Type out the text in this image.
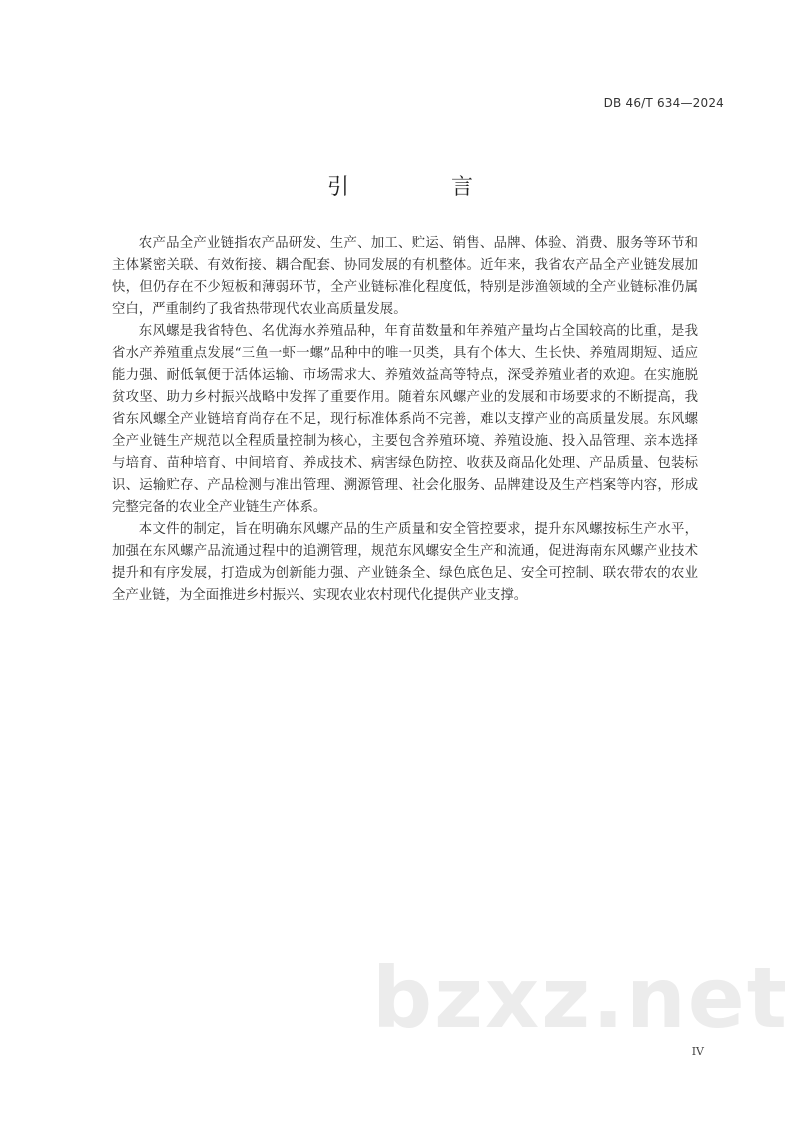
DB 46/T 634—2024
引　言

农产品全产业链指农产品研发、生产、加工、贮运、销售、品牌、体验、消费、服务等环节和主体紧密关联、有效衔接、耦合配套、协同发展的有机整体。近年来，我省农产品全产业链发展加快，但仍存在不少短板和薄弱环节，全产业链标准化程度低，特别是涉渔领域的全产业链标准仍属空白，严重制约了我省热带现代农业高质量发展。

东风螺是我省特色、名优海水养殖品种，年育苗数量和年养殖产量均占全国较高的比重，是我省水产养殖重点发展“三鱼一虾一螺”品种中的唯一贝类，具有个体大、生长快、养殖周期短、适应能力强、耐低氧便于活体运输、市场需求大、养殖效益高等特点，深受养殖业者的欢迎。在实施脱贫攻坚、助力乡村振兴战略中发挥了重要作用。随着东风螺产业的发展和市场要求的不断提高，我省东风螺全产业链培育尚存在不足，现行标准体系尚不完善，难以支撑产业的高质量发展。东风螺全产业链生产规范以全程质量控制为核心，主要包含养殖环境、养殖设施、投入品管理、亲本选择与培育、苗种培育、中间培育、养成技术、病害绿色防控、收获及商品化处理、产品质量、包装标识、运输贮存、产品检测与准出管理、溯源管理、社会化服务、品牌建设及生产档案等内容，形成完整完备的农业全产业链生产体系。

本文件的制定，旨在明确东风螺产品的生产质量和安全管控要求，提升东风螺按标生产水平，加强在东风螺产品流通过程中的追溯管理，规范东风螺安全生产和流通，促进海南东风螺产业技术提升和有序发展，打造成为创新能力强、产业链条全、绿色底色足、安全可控制、联农带农的农业全产业链，为全面推进乡村振兴、实现农业农村现代化提供产业支撑。

bzxz.net
IV
